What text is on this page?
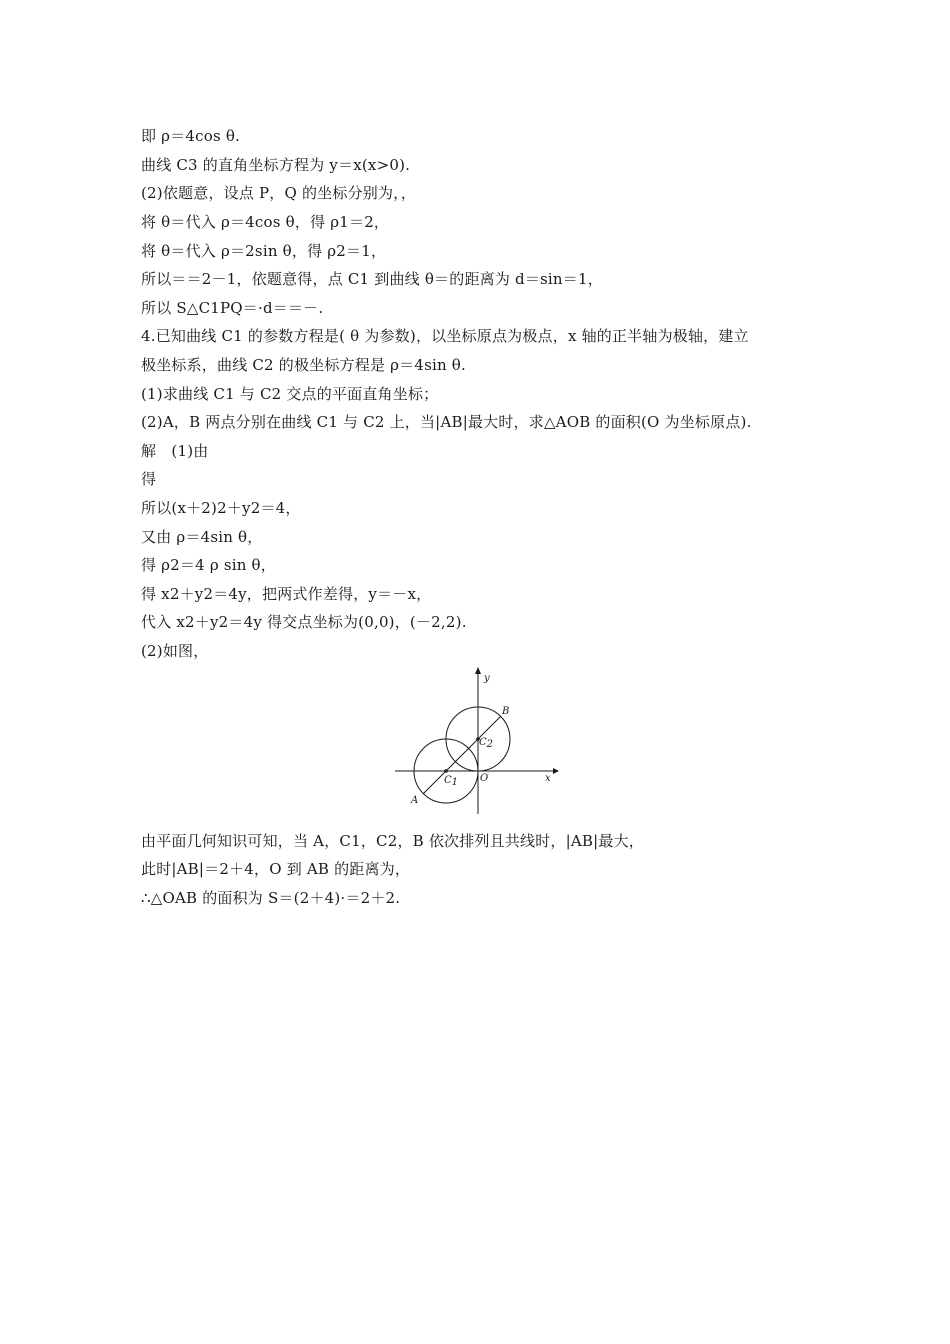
即 ρ＝4cos θ.
曲线 C3 的直角坐标方程为 y＝x(x>0).
(2)依题意，设点 P，Q 的坐标分别为，，
将 θ＝代入 ρ＝4cos θ，得 ρ1＝2，
将 θ＝代入 ρ＝2sin θ，得 ρ2＝1，
所以＝＝2－1，依题意得，点 C1 到曲线 θ＝的距离为 d＝sin＝1，
所以 S△C1PQ＝·d＝＝－.
4.已知曲线 C1 的参数方程是( θ 为参数)，以坐标原点为极点，x 轴的正半轴为极轴，建立
极坐标系，曲线 C2 的极坐标方程是 ρ＝4sin θ.
(1)求曲线 C1 与 C2 交点的平面直角坐标；
(2)A，B 两点分别在曲线 C1 与 C2 上，当|AB|最大时，求△AOB 的面积(O 为坐标原点).
解　(1)由
得
所以(x＋2)2＋y2＝4，
又由 ρ＝4sin θ，
得 ρ2＝4 ρ sin θ，
得 x2＋y2＝4y，把两式作差得，y＝－x，
代入 x2＋y2＝4y 得交点坐标为(0,0)，(－2,2).
(2)如图，
y
x
O
A
B
C1
C2
由平面几何知识可知，当 A，C1，C2，B 依次排列且共线时，|AB|最大，
此时|AB|＝2＋4，O 到 AB 的距离为，
∴△OAB 的面积为 S＝(2＋4)·＝2＋2.
